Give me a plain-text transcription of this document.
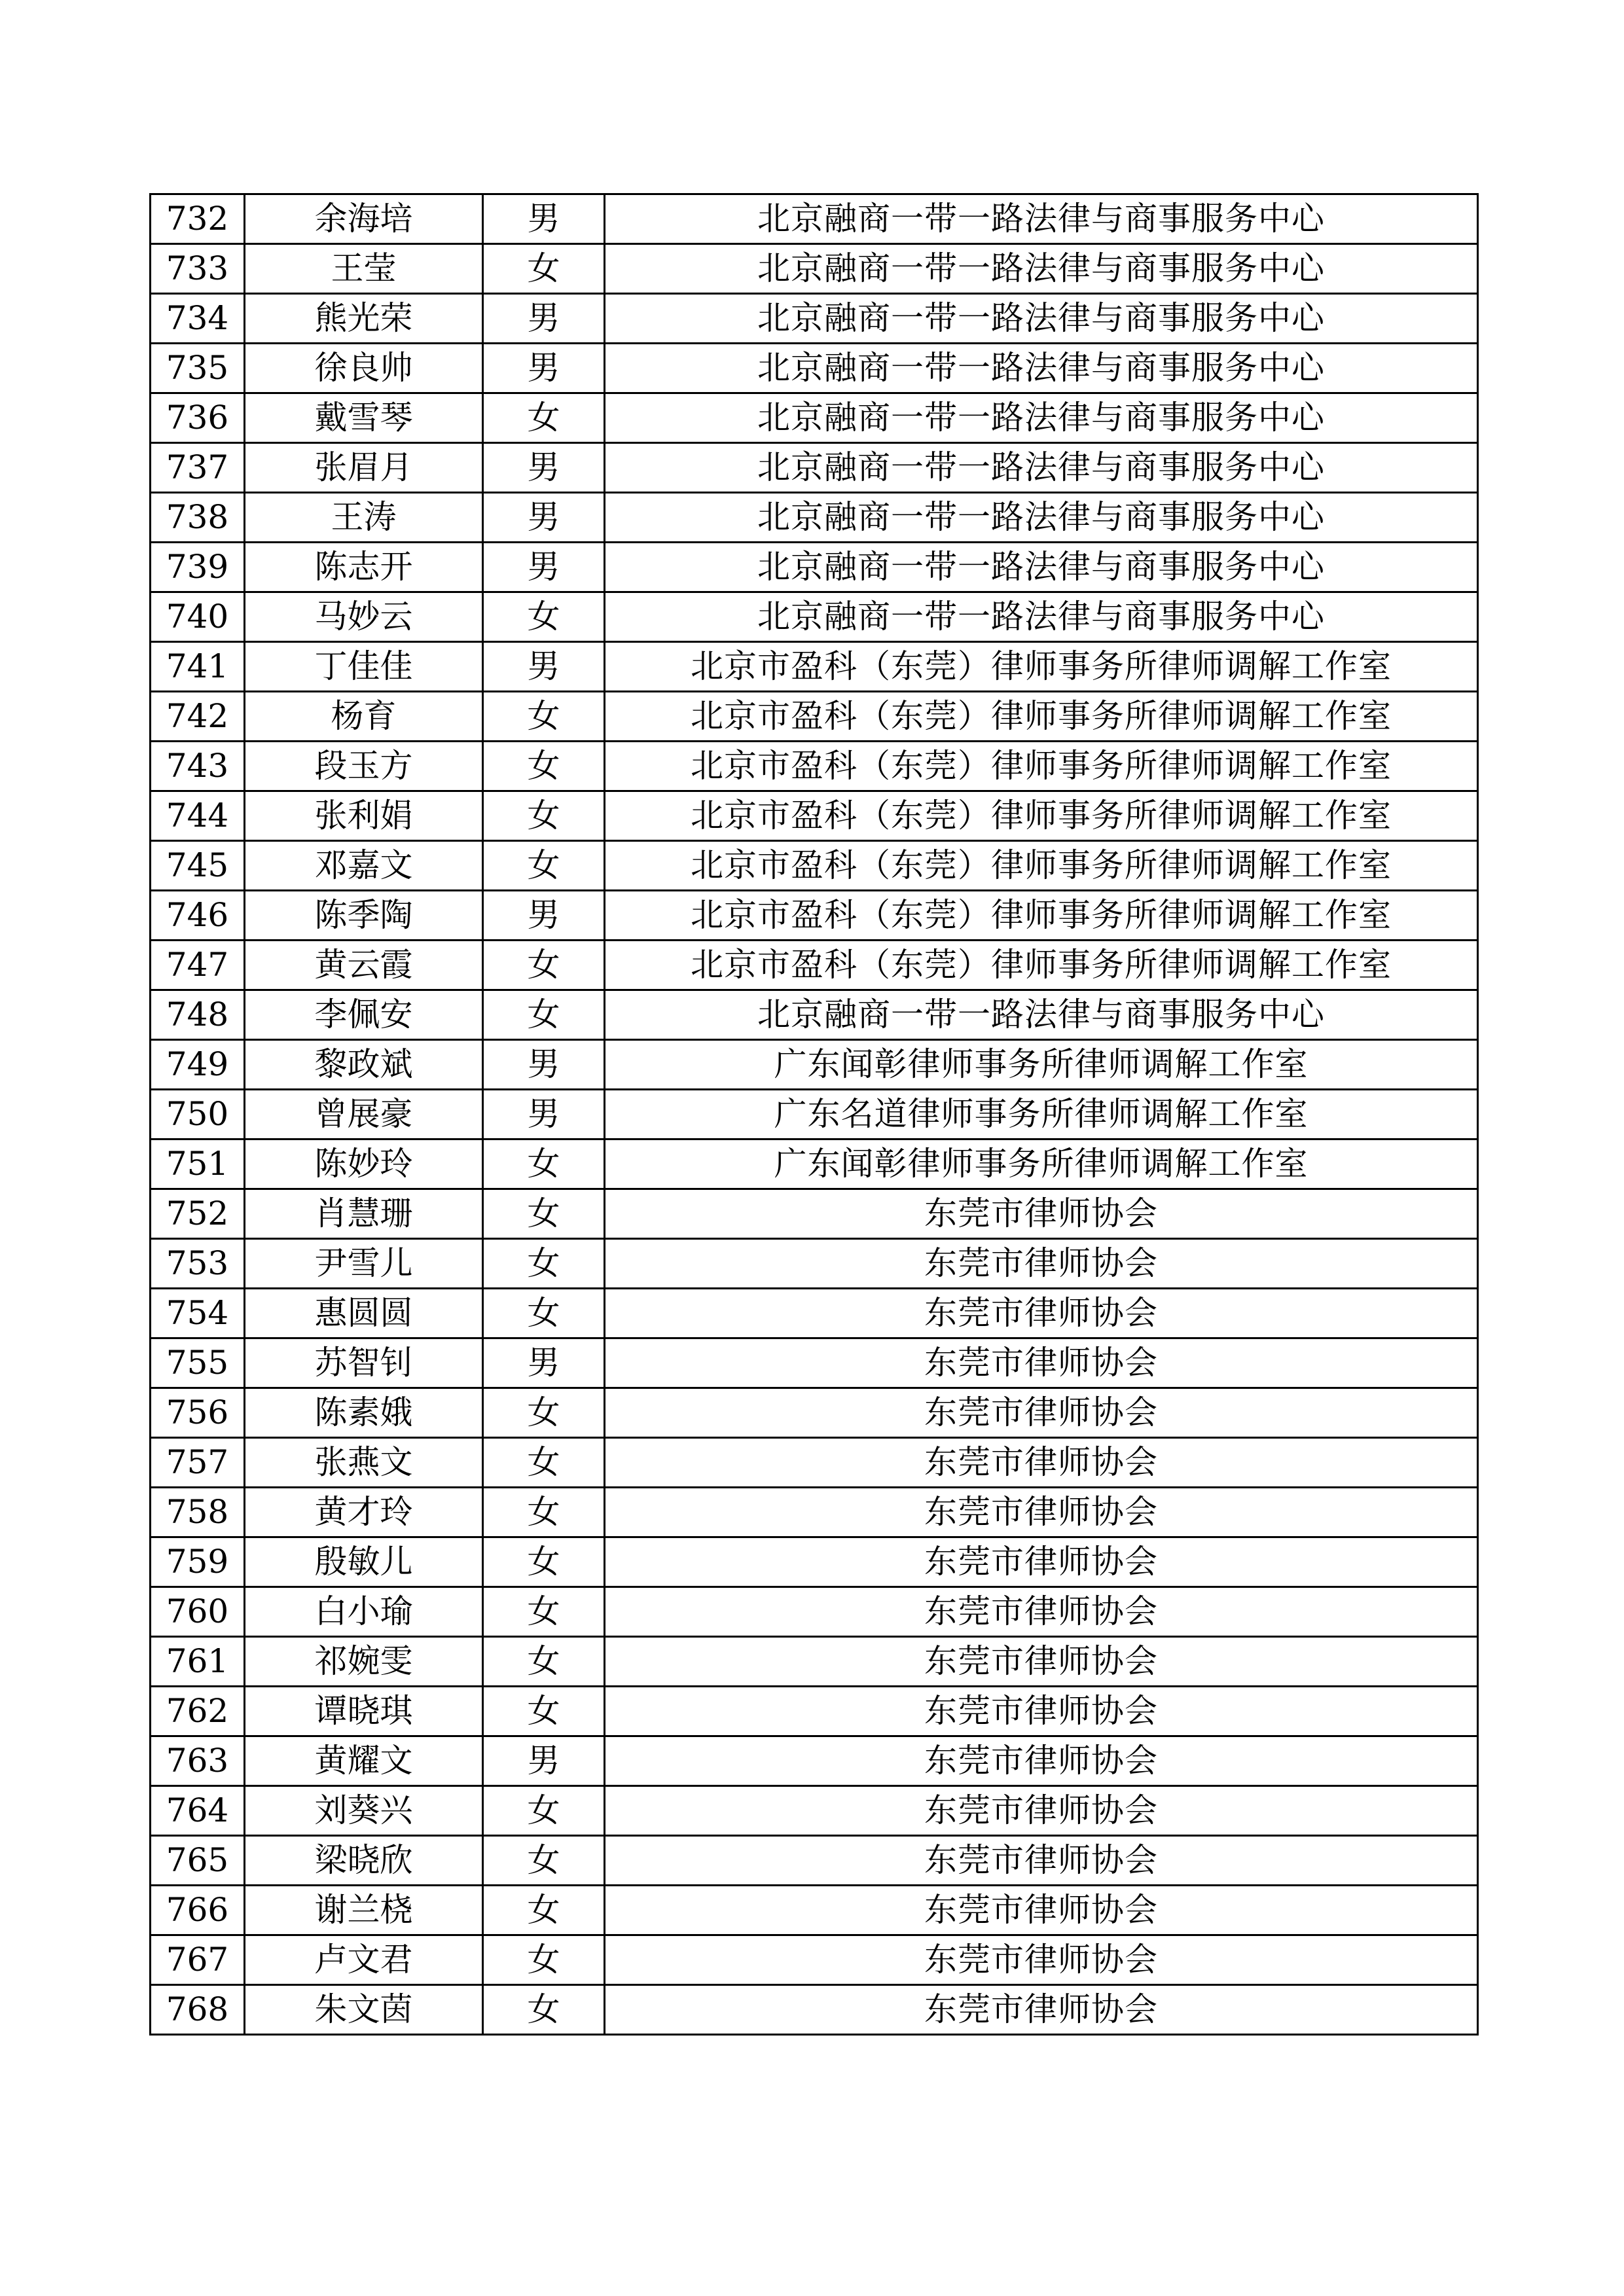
732	余海培	男	北京融商一带一路法律与商事服务中心
733	王莹	女	北京融商一带一路法律与商事服务中心
734	熊光荣	男	北京融商一带一路法律与商事服务中心
735	徐良帅	男	北京融商一带一路法律与商事服务中心
736	戴雪琴	女	北京融商一带一路法律与商事服务中心
737	张眉月	男	北京融商一带一路法律与商事服务中心
738	王涛	男	北京融商一带一路法律与商事服务中心
739	陈志开	男	北京融商一带一路法律与商事服务中心
740	马妙云	女	北京融商一带一路法律与商事服务中心
741	丁佳佳	男	北京市盈科（东莞）律师事务所律师调解工作室
742	杨育	女	北京市盈科（东莞）律师事务所律师调解工作室
743	段玉方	女	北京市盈科（东莞）律师事务所律师调解工作室
744	张利娟	女	北京市盈科（东莞）律师事务所律师调解工作室
745	邓嘉文	女	北京市盈科（东莞）律师事务所律师调解工作室
746	陈季陶	男	北京市盈科（东莞）律师事务所律师调解工作室
747	黄云霞	女	北京市盈科（东莞）律师事务所律师调解工作室
748	李佩安	女	北京融商一带一路法律与商事服务中心
749	黎政斌	男	广东闻彰律师事务所律师调解工作室
750	曾展豪	男	广东名道律师事务所律师调解工作室
751	陈妙玲	女	广东闻彰律师事务所律师调解工作室
752	肖慧珊	女	东莞市律师协会
753	尹雪儿	女	东莞市律师协会
754	惠圆圆	女	东莞市律师协会
755	苏智钊	男	东莞市律师协会
756	陈素娥	女	东莞市律师协会
757	张燕文	女	东莞市律师协会
758	黄才玲	女	东莞市律师协会
759	殷敏儿	女	东莞市律师协会
760	白小瑜	女	东莞市律师协会
761	祁婉雯	女	东莞市律师协会
762	谭晓琪	女	东莞市律师协会
763	黄耀文	男	东莞市律师协会
764	刘葵兴	女	东莞市律师协会
765	梁晓欣	女	东莞市律师协会
766	谢兰桡	女	东莞市律师协会
767	卢文君	女	东莞市律师协会
768	朱文茵	女	东莞市律师协会
